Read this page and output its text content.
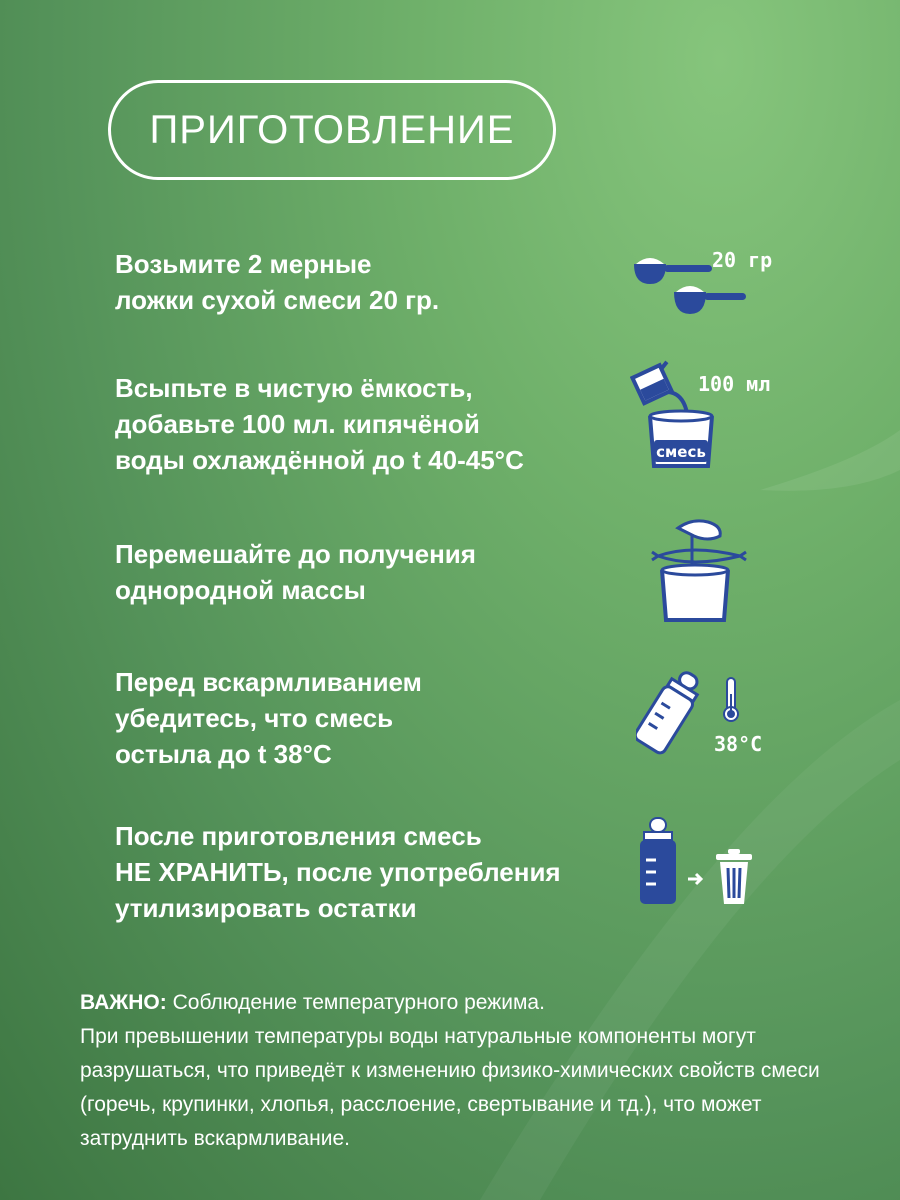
ПРИГОТОВЛЕНИЕ
Возьмите 2 мерные
ложки сухой смеси 20 гр.
20 гр
Всыпьте в чистую ёмкость,
добавьте 100 мл. кипячёной
воды охлаждённой до t 40-45°C	смесь
100 мл
Перемешайте до получения
однородной массы
Перед вскармливанием
убедитесь, что смесь
остыла до t 38°C	38°C
После приготовления смесь
НЕ ХРАНИТЬ, после употребления
утилизировать остатки
ВАЖНО: Соблюдение температурного режима.
При превышении температуры воды натуральные компоненты могут разрушаться, что приведёт к изменению физико-химических свойств смеси (горечь, крупинки, хлопья, расслоение, свертывание и тд.), что может затруднить вскармливание.
